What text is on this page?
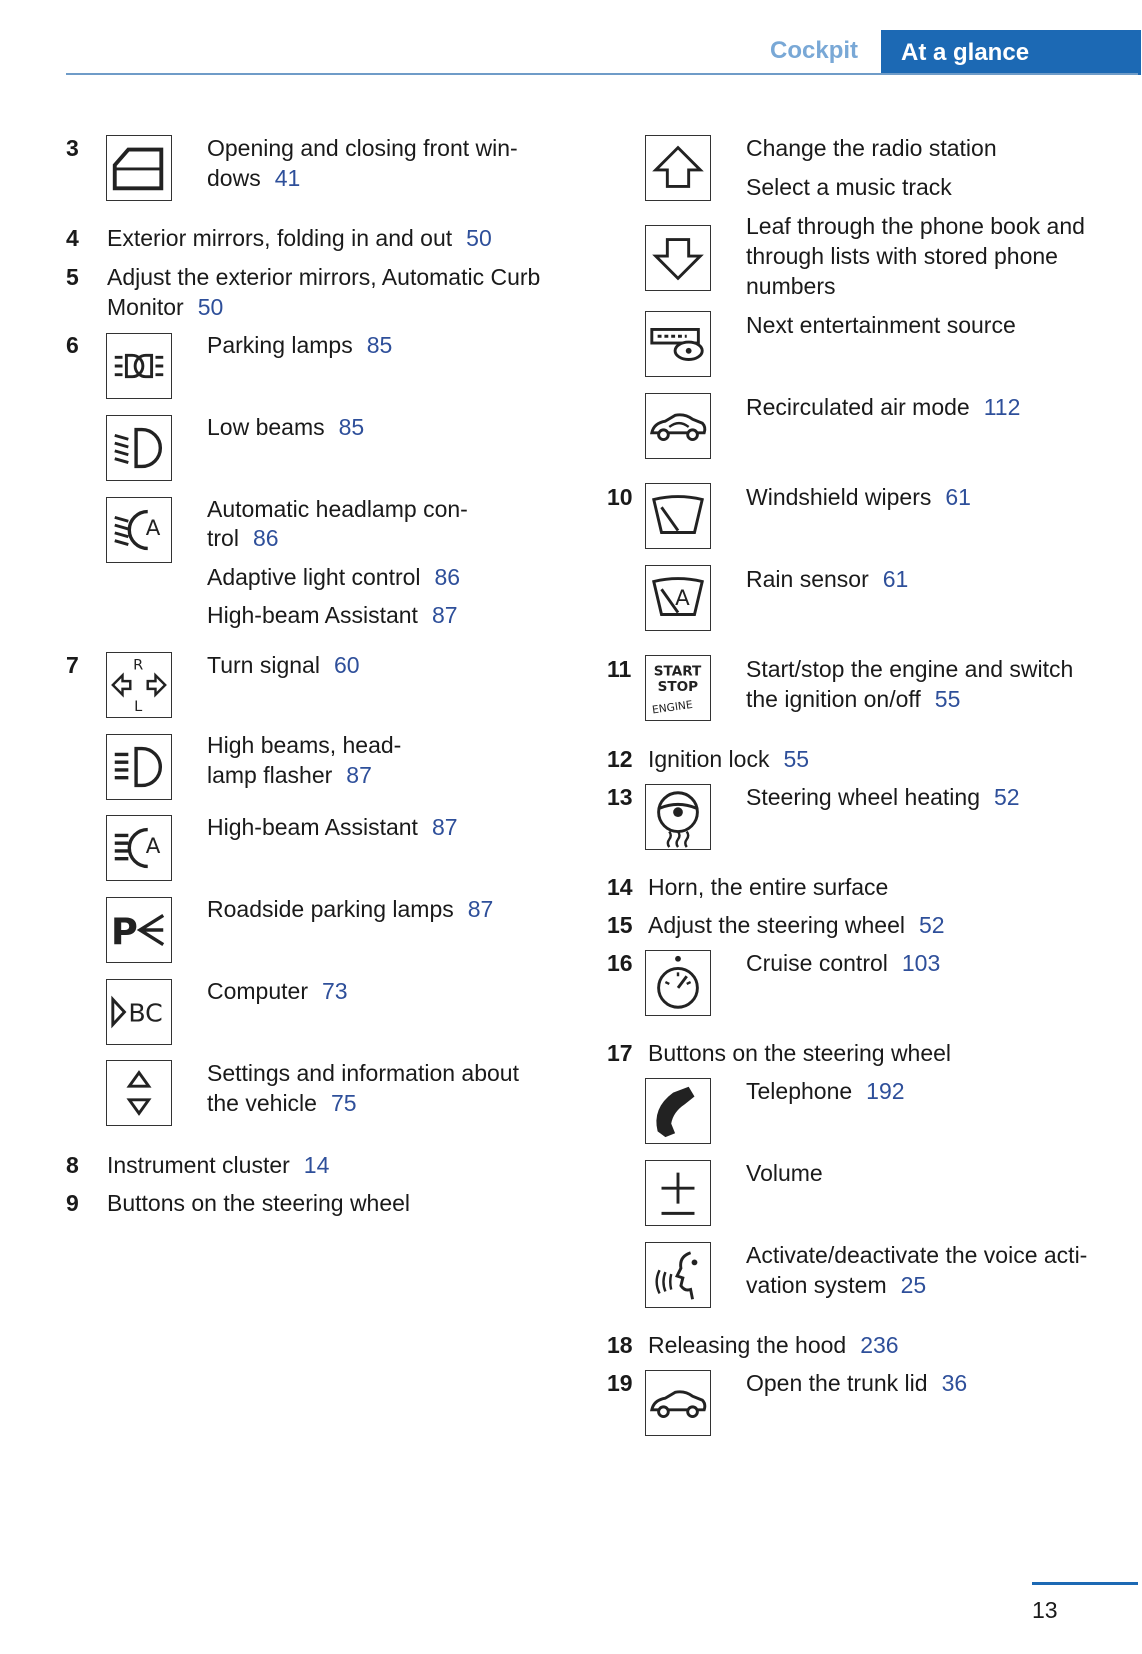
Cockpit	At a glance
3	Opening and closing front win-
dows 41
4 Exterior mirrors, folding in and out 50
5 Adjust the exterior mirrors, Automatic Curb
Monitor 50
6	Parking lamps 85
Low beams 85
A
Automatic headlamp con-
trol 86
Adaptive light control 86
High-beam Assistant 87
7	R
L
Turn signal 60
High beams, head-
lamp flasher 87
A
High-beam Assistant 87
P
Roadside parking lamps 87
BC
Computer 73
Settings and information about
the vehicle 75
8 Instrument cluster 14
9 Buttons on the steering wheel
Change the radio station
Select a music track
Leaf through the phone book and
through lists with stored phone
numbers
Next entertainment source
Recirculated air mode 112
10	Windshield wipers 61
A
Rain sensor 61
11 START
STOP
ENGINE
Start/stop the engine and switch
the ignition on/off 55
12 Ignition lock 55
13	Steering wheel heating 52
14 Horn, the entire surface
15 Adjust the steering wheel 52
16	Cruise control 103
17 Buttons on the steering wheel
Telephone 192
Volume
Activate/deactivate the voice acti-
vation system 25
18 Releasing the hood 236
19	Open the trunk lid 36
13
